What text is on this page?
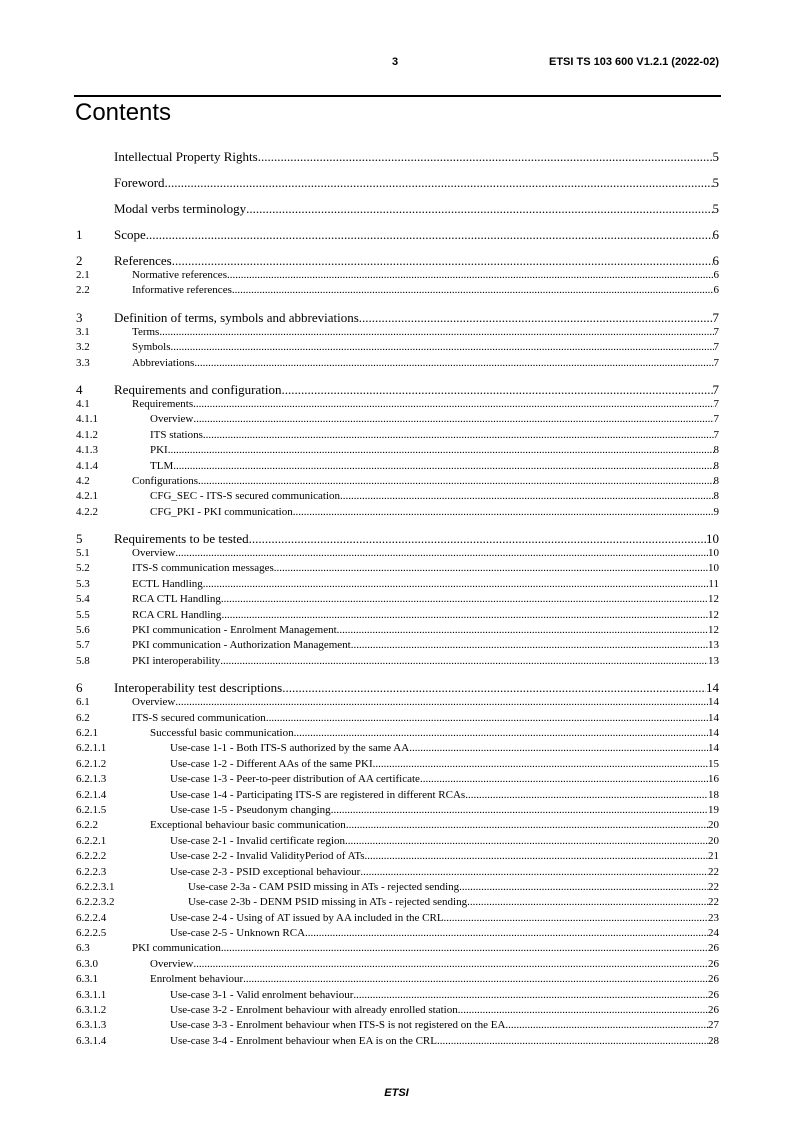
3	ETSI TS 103 600 V1.2.1 (2022-02)
Contents
Intellectual Property Rights .....	5
Foreword .....	5
Modal verbs terminology .....	5
1	Scope .....	6
2	References .....	6
2.1	Normative references .....	6
2.2	Informative references .....	6
3	Definition of terms, symbols and abbreviations .....	7
3.1	Terms .....	7
3.2	Symbols .....	7
3.3	Abbreviations .....	7
4	Requirements and configuration .....	7
4.1	Requirements .....	7
4.1.1	Overview .....	7
4.1.2	ITS stations .....	7
4.1.3	PKI .....	8
4.1.4	TLM .....	8
4.2	Configurations .....	8
4.2.1	CFG_SEC - ITS-S secured communication .....	8
4.2.2	CFG_PKI - PKI communication .....	9
5	Requirements to be tested .....	10
5.1	Overview .....	10
5.2	ITS-S communication messages .....	10
5.3	ECTL Handling .....	11
5.4	RCA CTL Handling .....	12
5.5	RCA CRL Handling .....	12
5.6	PKI communication - Enrolment Management .....	12
5.7	PKI communication - Authorization Management .....	13
5.8	PKI interoperability .....	13
6	Interoperability test descriptions .....	14
6.1	Overview .....	14
6.2	ITS-S secured communication .....	14
6.2.1	Successful basic communication .....	14
6.2.1.1	Use-case 1-1 - Both ITS-S authorized by the same AA .....	14
6.2.1.2	Use-case 1-2 - Different AAs of the same PKI .....	15
6.2.1.3	Use-case 1-3 - Peer-to-peer distribution of AA certificate .....	16
6.2.1.4	Use-case 1-4 - Participating ITS-S are registered in different RCAs .....	18
6.2.1.5	Use-case 1-5 - Pseudonym changing .....	19
6.2.2	Exceptional behaviour basic communication .....	20
6.2.2.1	Use-case 2-1 - Invalid certificate region .....	20
6.2.2.2	Use-case 2-2 - Invalid ValidityPeriod of ATs .....	21
6.2.2.3	Use-case 2-3 - PSID exceptional behaviour .....	22
6.2.2.3.1	Use-case 2-3a - CAM PSID missing in ATs - rejected sending .....	22
6.2.2.3.2	Use-case 2-3b - DENM PSID missing in ATs - rejected sending .....	22
6.2.2.4	Use-case 2-4 - Using of AT issued by AA included in the CRL .....	23
6.2.2.5	Use-case 2-5 - Unknown RCA .....	24
6.3	PKI communication .....	26
6.3.0	Overview .....	26
6.3.1	Enrolment behaviour .....	26
6.3.1.1	Use-case 3-1 - Valid enrolment behaviour .....	26
6.3.1.2	Use-case 3-2 - Enrolment behaviour with already enrolled station .....	26
6.3.1.3	Use-case 3-3 - Enrolment behaviour when ITS-S is not registered on the EA .....	27
6.3.1.4	Use-case 3-4 - Enrolment behaviour when EA is on the CRL .....	28
ETSI
